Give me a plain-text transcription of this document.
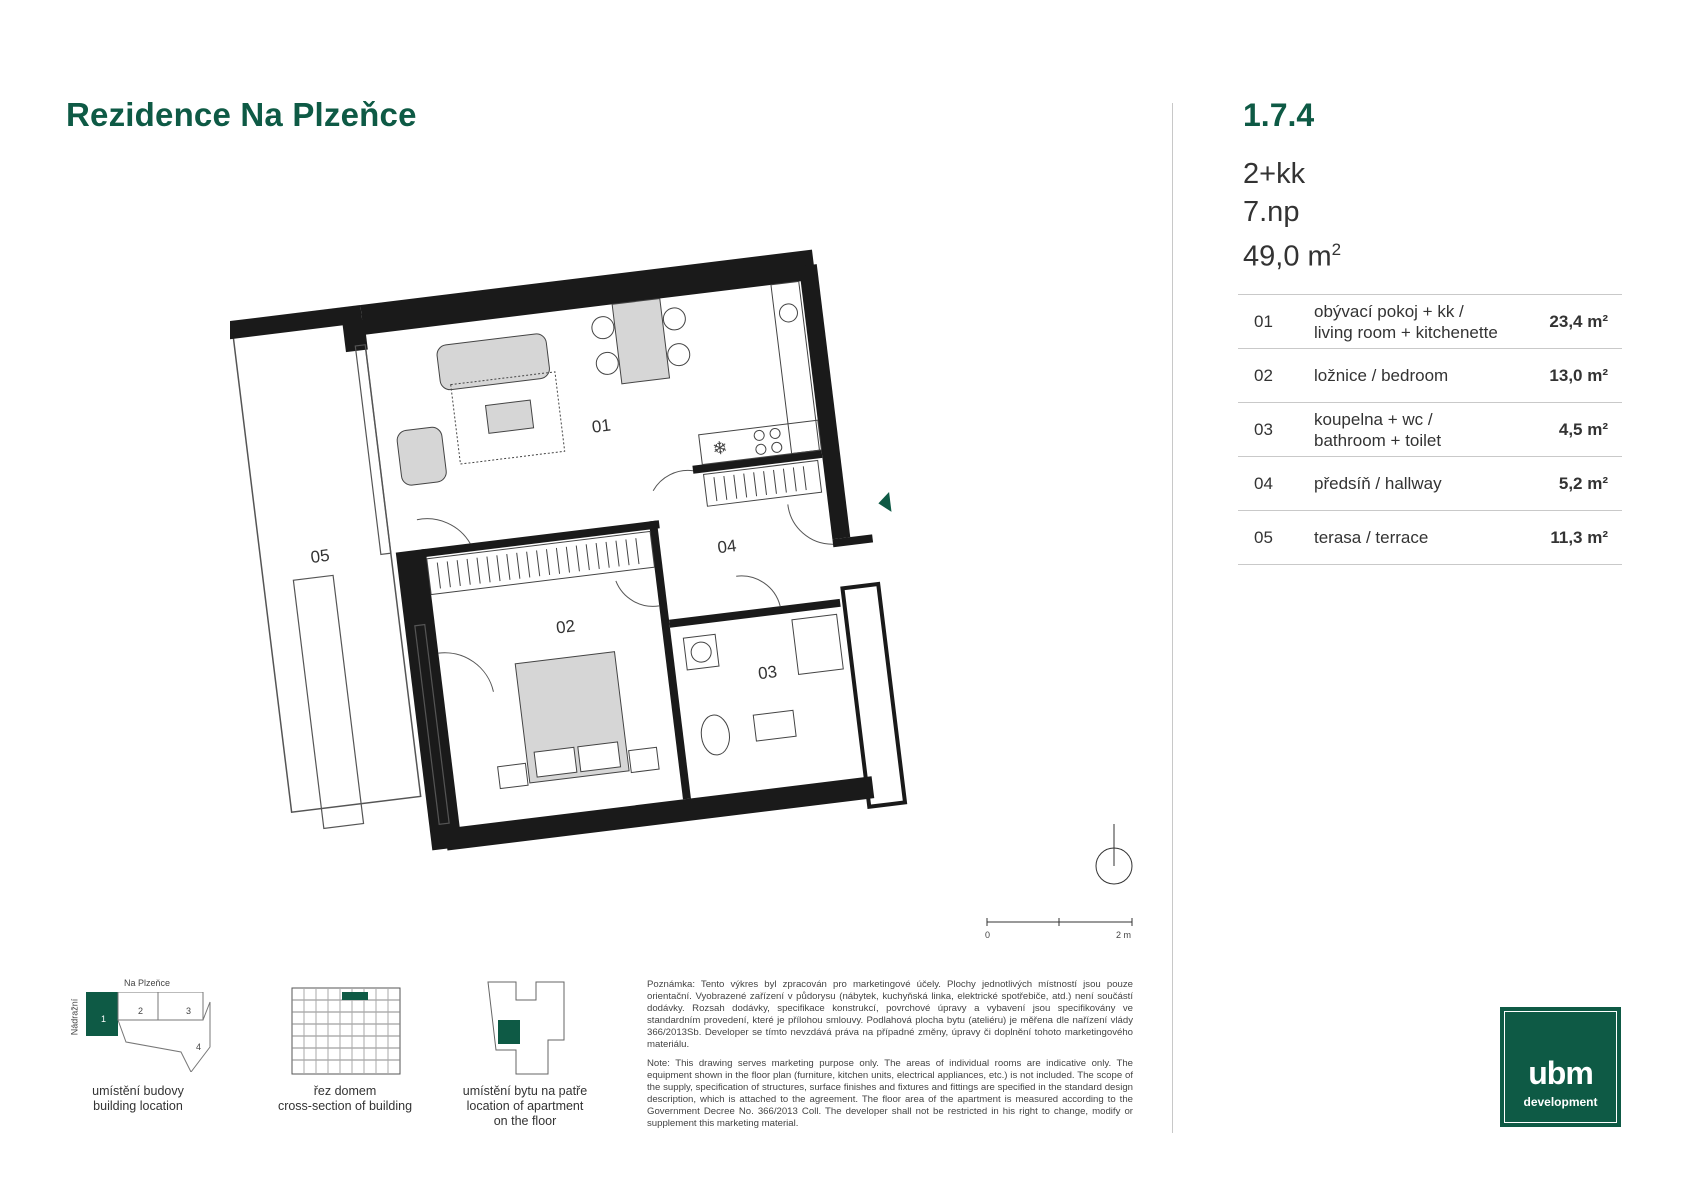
Rezidence Na Plzeňce	1.7.4
2+kk
7.np
49,0 $m^2$
01	obývací pokoj + kk /
living room + kitchenette	23,4 m²
02	ložnice / bedroom	13,0 m²
03	koupelna + wc /
bathroom + toilet	4,5 m²
04	předsíň / hallway	5,2 m²
05	terasa / terrace	11,3 m²
❄
01
02
03
04
05
0	2 m
Na Plzeňce
Nádražní 1
2	3
4
umístění budovy
building location
řez domem
cross-section of building
umístění bytu na patře
location of apartment
on the floor

Poznámka: Tento výkres byl zpracován pro marketingové účely. Plochy jednotlivých místností jsou pouze orientační. Vyobrazené zařízení v půdorysu (nábytek, kuchyňská linka, elektrické spotřebiče, atd.) není součástí dodávky. Rozsah dodávky, specifikace konstrukcí, povrchové úpravy a vybavení jsou specifikovány ve standardním provedení, které je přílohou smlouvy. Podlahová plocha bytu (ateliéru) je měřena dle nařízení vlády 366/2013Sb. Developer se tímto nevzdává práva na případné změny, úpravy či doplnění tohoto marketingového materiálu.

Note: This drawing serves marketing purpose only. The areas of individual rooms are indicative only. The equipment shown in the floor plan (furniture, kitchen units, electrical appliances, etc.) is not included. The scope of the supply, specification of structures, surface finishes and fixtures and fittings are specified in the standard design description, which is attached to the agreement. The floor area of the apartment is measured according to the Government Decree No. 366/2013 Coll. The developer shall not be restricted in his right to change, modify or supplement this marketing material.

ubm
development
